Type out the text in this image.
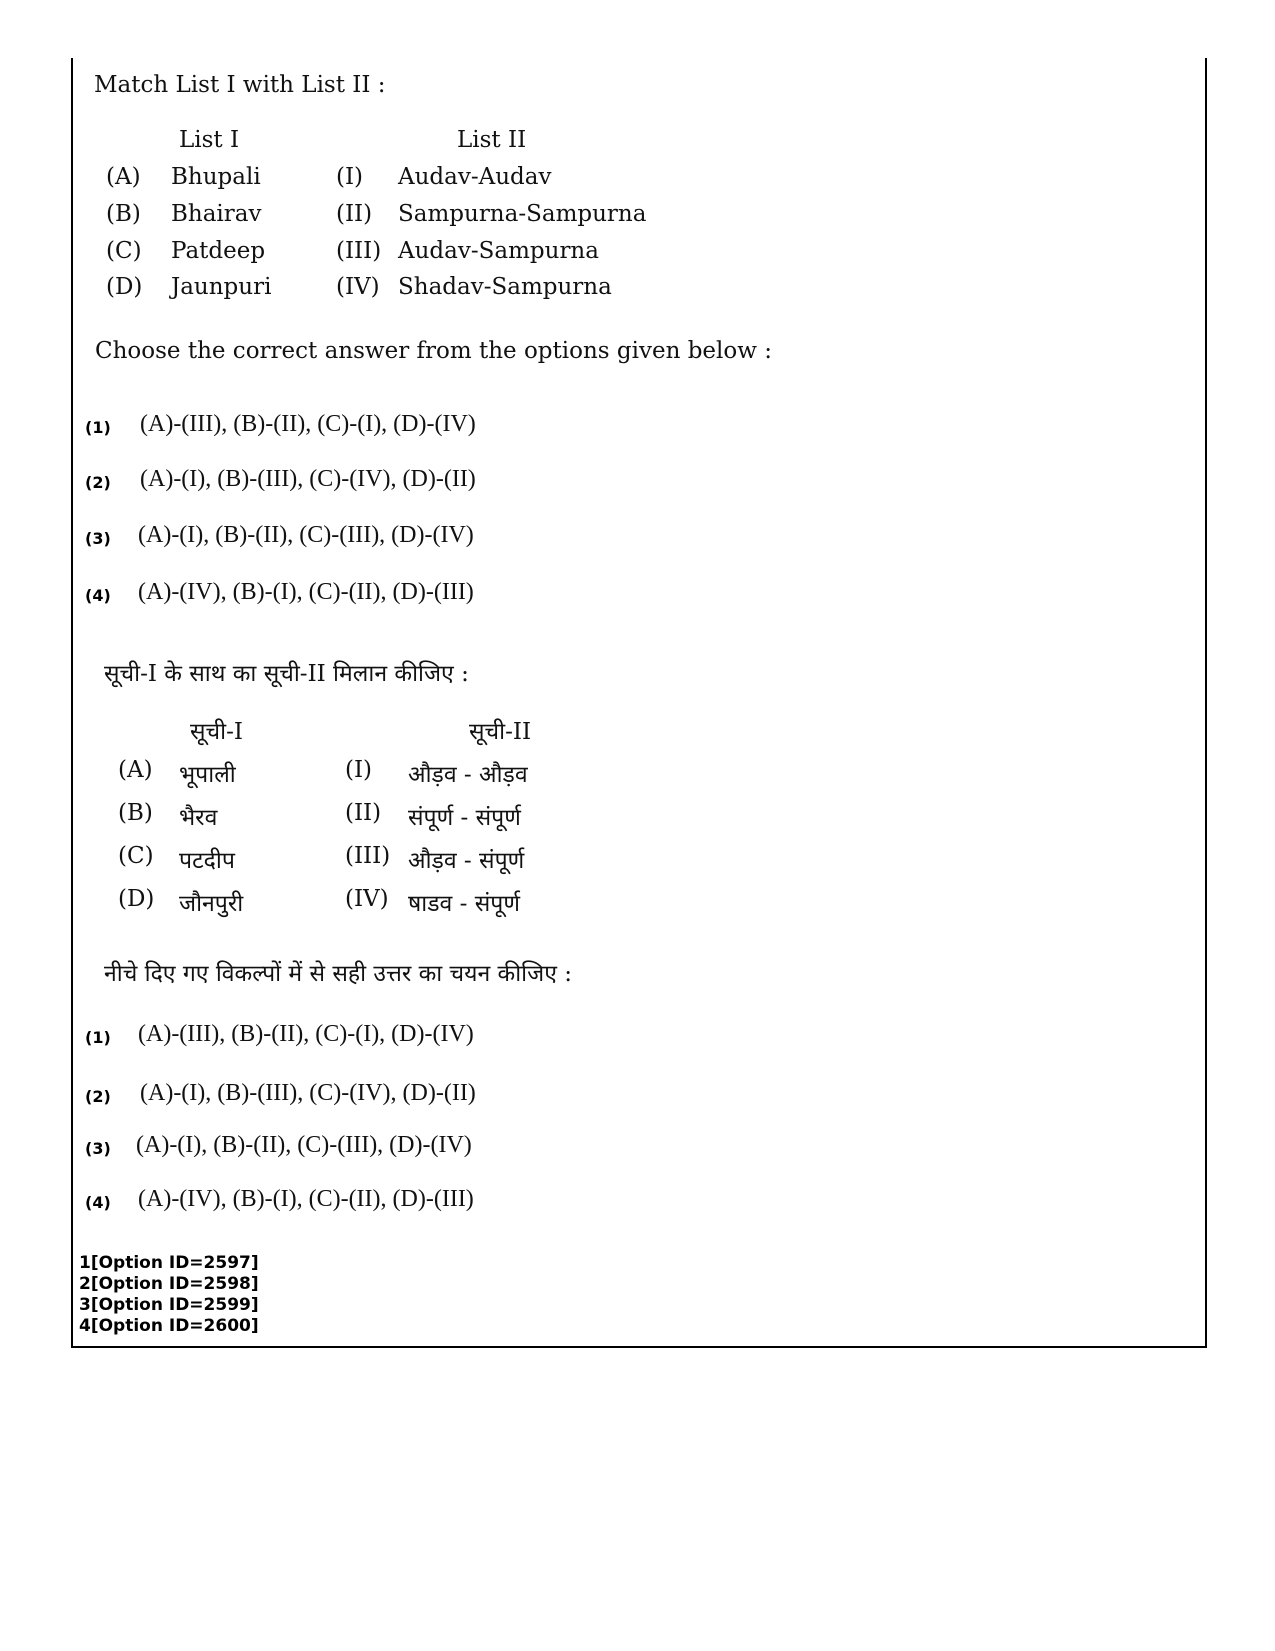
Match List I with List II :
List I	List II
(A) Bhupali	(I) Audav-Audav
(B) Bhairav	(II) Sampurna-Sampurna
(C) Patdeep	(III) Audav-Sampurna
(D) Jaunpuri	(IV) Shadav-Sampurna
Choose the correct answer from the options given below :
(1) (A)-(III), (B)-(II), (C)-(I), (D)-(IV)
(2) (A)-(I), (B)-(III), (C)-(IV), (D)-(II)
(3) (A)-(I), (B)-(II), (C)-(III), (D)-(IV)
(4) (A)-(IV), (B)-(I), (C)-(II), (D)-(III)
सूची-I के साथ का सूची-II मिलान कीजिए :
सूची-I	सूची-II
(A) भूपाली	(I) औड़व - औड़व
(B) भैरव	(II) संपूर्ण - संपूर्ण
(C) पटदीप	(III) औड़व - संपूर्ण
(D) जौनपुरी	(IV) षाडव - संपूर्ण
नीचे दिए गए विकल्पों में से सही उत्तर का चयन कीजिए :
(1) (A)-(III), (B)-(II), (C)-(I), (D)-(IV)
(2) (A)-(I), (B)-(III), (C)-(IV), (D)-(II)
(3) (A)-(I), (B)-(II), (C)-(III), (D)-(IV)
(4) (A)-(IV), (B)-(I), (C)-(II), (D)-(III)
1[Option ID=2597]
2[Option ID=2598]
3[Option ID=2599]
4[Option ID=2600]
